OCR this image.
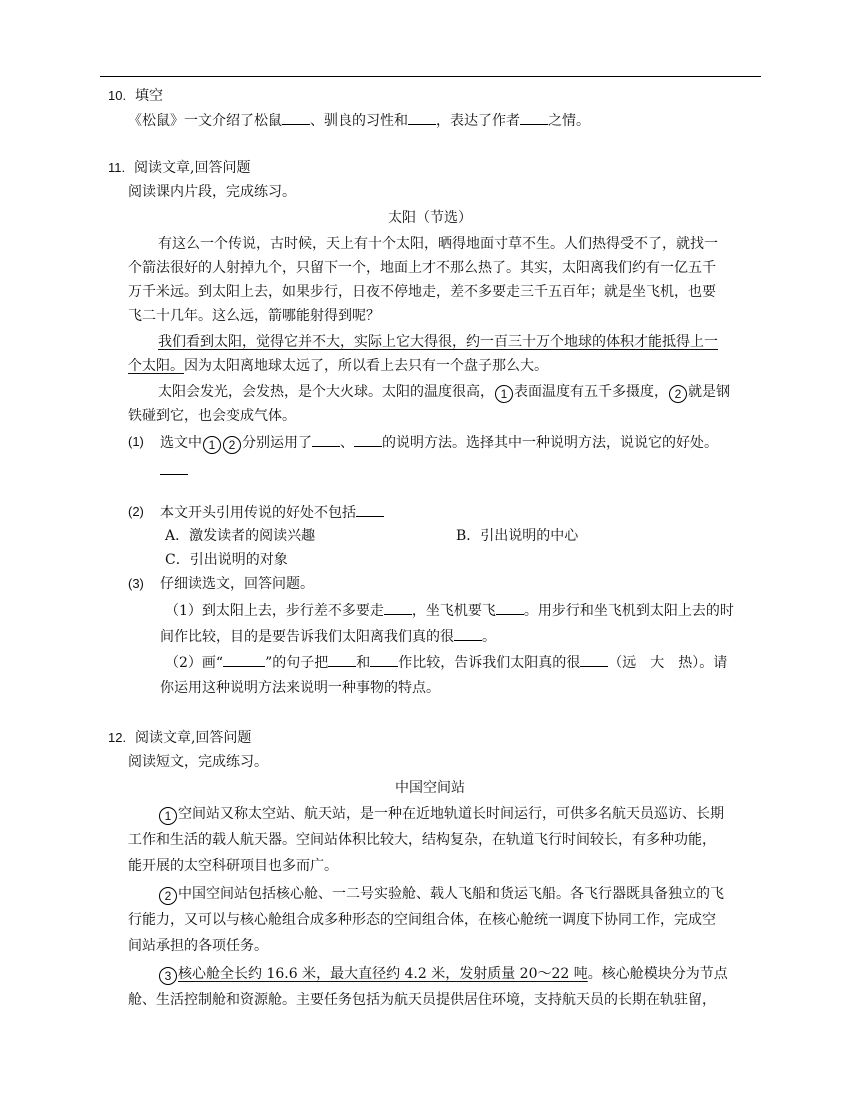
10. 填空
《松鼠》一文介绍了松鼠 、驯良的习性和 ，表达了作者 之情。
11. 阅读文章,回答问题
阅读课内片段，完成练习。
太阳（节选）
有这么一个传说，古时候，天上有十个太阳，晒得地面寸草不生。人们热得受不了，就找一
个箭法很好的人射掉九个，只留下一个，地面上才不那么热了。其实，太阳离我们约有一亿五千
万千米远。到太阳上去，如果步行，日夜不停地走，差不多要走三千五百年；就是坐飞机，也要
飞二十几年。这么远，箭哪能射得到呢？
我们看到太阳，觉得它并不大，实际上它大得很，约一百三十万个地球的体积才能抵得上一
个太阳。因为太阳离地球太远了，所以看上去只有一个盘子那么大。
太阳会发光，会发热，是个大火球。太阳的温度很高， 1 表面温度有五千多摄度， 2 就是钢
铁碰到它，也会变成气体。
(1) 选文中 1 2 分别运用了 、 的说明方法。选择其中一种说明方法，说说它的好处。
(2) 本文开头引用传说的好处不包括
A．激发读者的阅读兴趣	B．引出说明的中心
C．引出说明的对象
(3) 仔细读选文，回答问题。
（1）到太阳上去，步行差不多要走 ，坐飞机要飞 。用步行和坐飞机到太阳上去的时
间作比较，目的是要告诉我们太阳离我们真的很 。
（2）画“	”的句子把 和 作比较，告诉我们太阳真的很 （远　大　热）。请
你运用这种说明方法来说明一种事物的特点。
12. 阅读文章,回答问题
阅读短文，完成练习。
中国空间站
1 空间站又称太空站、航天站，是一种在近地轨道长时间运行，可供多名航天员巡访、长期
工作和生活的载人航天器。空间站体积比较大，结构复杂，在轨道飞行时间较长，有多种功能，
能开展的太空科研项目也多而广。
2 中国空间站包括核心舱、一二号实验舱、载人飞船和货运飞船。各飞行器既具备独立的飞
行能力，又可以与核心舱组合成多种形态的空间组合体，在核心舱统一调度下协同工作，完成空
间站承担的各项任务。
3 核心舱全长约 16.6 米，最大直径约 4.2 米，发射质量 20～22 吨。核心舱模块分为节点
舱、生活控制舱和资源舱。主要任务包括为航天员提供居住环境，支持航天员的长期在轨驻留，
